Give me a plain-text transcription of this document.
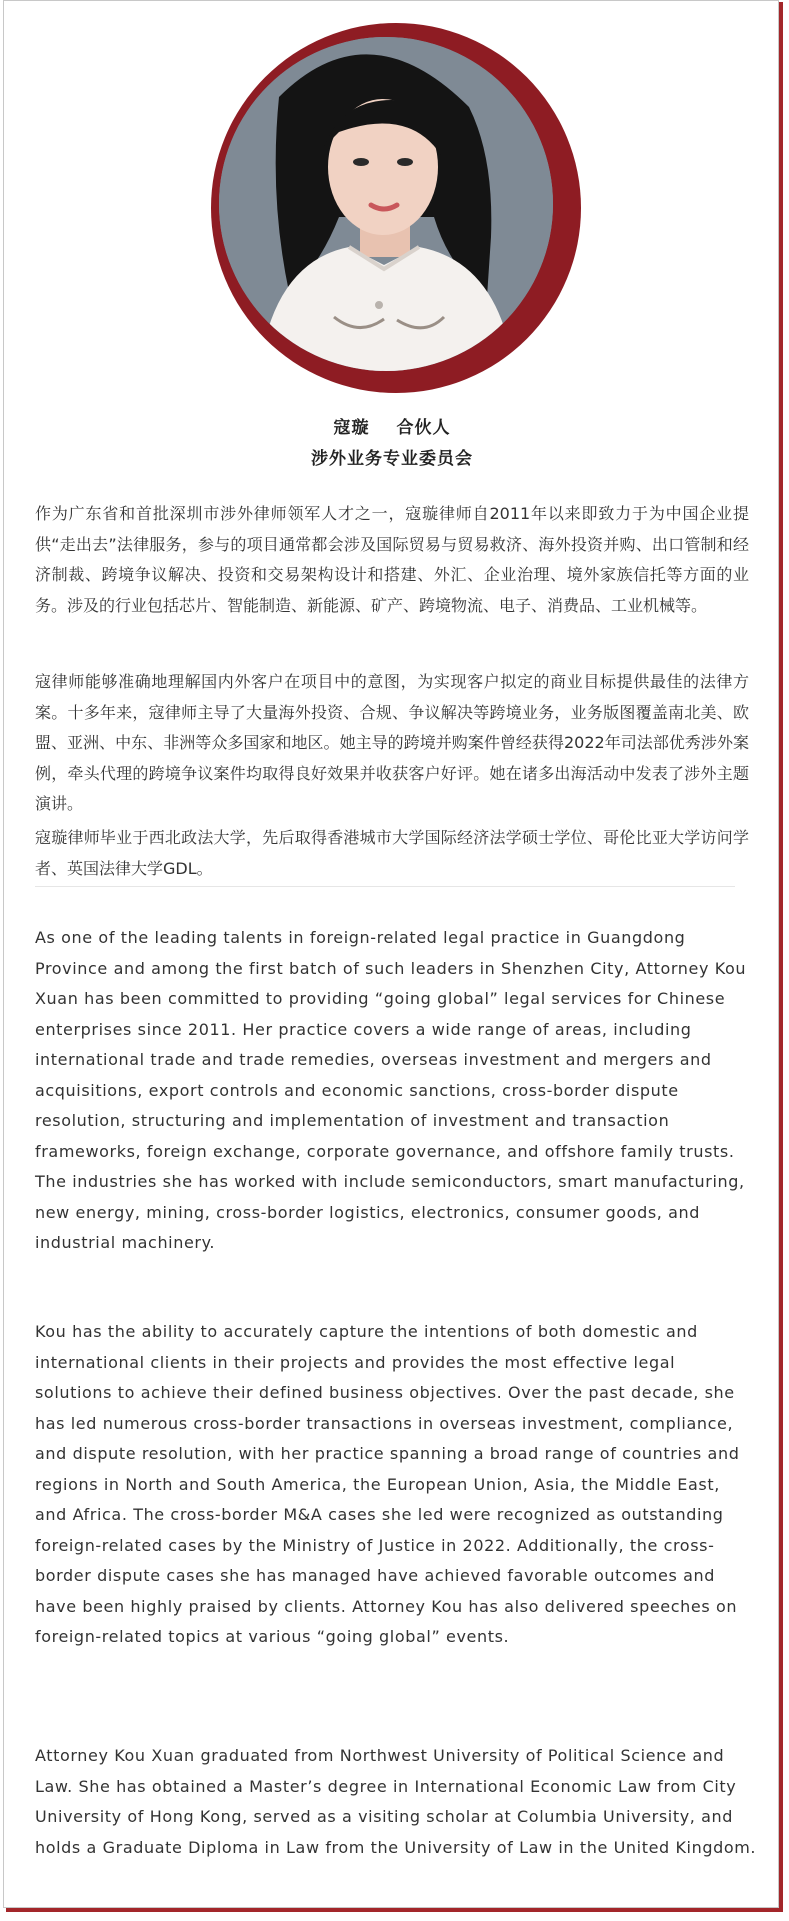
寇璇 合伙人
涉外业务专业委员会

作为广东省和首批深圳市涉外律师领军人才之一，寇璇律师自2011年以来即致力于为中国企业提供“走出去”法律服务，参与的项目通常都会涉及国际贸易与贸易救济、海外投资并购、出口管制和经济制裁、跨境争议解决、投资和交易架构设计和搭建、外汇、企业治理、境外家族信托等方面的业务。涉及的行业包括芯片、智能制造、新能源、矿产、跨境物流、电子、消费品、工业机械等。

寇律师能够准确地理解国内外客户在项目中的意图，为实现客户拟定的商业目标提供最佳的法律方案。十多年来，寇律师主导了大量海外投资、合规、争议解决等跨境业务，业务版图覆盖南北美、欧盟、亚洲、中东、非洲等众多国家和地区。她主导的跨境并购案件曾经获得2022年司法部优秀涉外案例，牵头代理的跨境争议案件均取得良好效果并收获客户好评。她在诸多出海活动中发表了涉外主题演讲。

寇璇律师毕业于西北政法大学，先后取得香港城市大学国际经济法学硕士学位、哥伦比亚大学访问学者、英国法律大学GDL。

As one of the leading talents in foreign-related legal practice in Guangdong Province and among the first batch of such leaders in Shenzhen City, Attorney Kou Xuan has been committed to providing “going global” legal services for Chinese enterprises since 2011. Her practice covers a wide range of areas, including international trade and trade remedies, overseas investment and mergers and acquisitions, export controls and economic sanctions, cross-border dispute resolution, structuring and implementation of investment and transaction frameworks, foreign exchange, corporate governance, and offshore family trusts. The industries she has worked with include semiconductors, smart manufacturing, new energy, mining, cross-border logistics, electronics, consumer goods, and industrial machinery.

Kou has the ability to accurately capture the intentions of both domestic and international clients in their projects and provides the most effective legal solutions to achieve their defined business objectives. Over the past decade, she has led numerous cross-border transactions in overseas investment, compliance, and dispute resolution, with her practice spanning a broad range of countries and regions in North and South America, the European Union, Asia, the Middle East, and Africa. The cross-border M&A cases she led were recognized as outstanding foreign-related cases by the Ministry of Justice in 2022. Additionally, the cross-border dispute cases she has managed have achieved favorable outcomes and have been highly praised by clients. Attorney Kou has also delivered speeches on foreign-related topics at various “going global” events.

Attorney Kou Xuan graduated from Northwest University of Political Science and Law. She has obtained a Master’s degree in International Economic Law from City University of Hong Kong, served as a visiting scholar at Columbia University, and holds a Graduate Diploma in Law from the University of Law in the United Kingdom.
